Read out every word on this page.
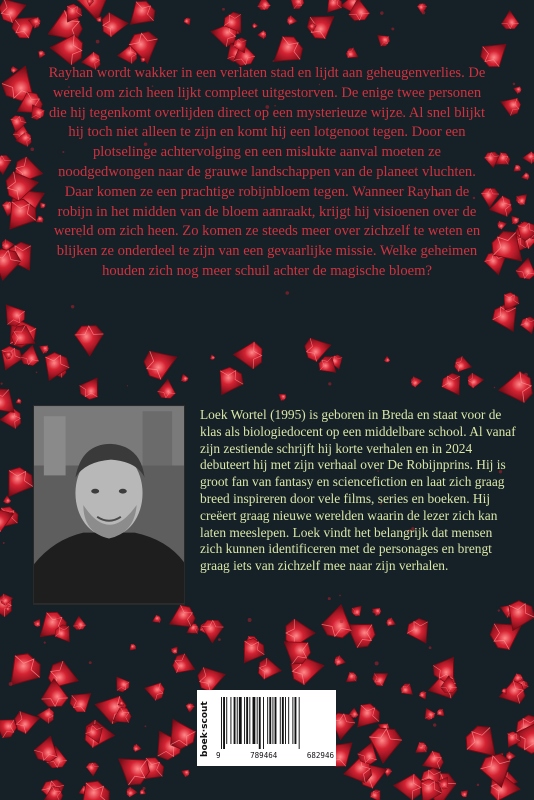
Rayhan wordt wakker in een verlaten stad en lijdt aan geheugenverlies. De wereld om zich heen lijkt compleet uitgestorven. De enige twee personen die hij tegenkomt overlijden direct op een mysterieuze wijze. Al snel blijkt hij toch niet alleen te zijn en komt hij een lotgenoot tegen. Door een plotselinge achtervolging en een mislukte aanval moeten ze noodgedwongen naar de grauwe landschappen van de planeet vluchten. Daar komen ze een prachtige robijnbloem tegen. Wanneer Rayhan de robijn in het midden van de bloem aanraakt, krijgt hij visioenen over de wereld om zich heen. Zo komen ze steeds meer over zichzelf te weten en blijken ze onderdeel te zijn van een gevaarlijke missie. Welke geheimen houden zich nog meer schuil achter de magische bloem?
Loek Wortel (1995) is geboren in Breda en staat voor de klas als biologiedocent op een middelbare school. Al vanaf zijn zestiende schrijft hij korte verhalen en in 2024 debuteert hij met zijn verhaal over De Robijnprins. Hij is groot fan van fantasy en sciencefiction en laat zich graag breed inspireren door vele films, series en boeken. Hij creëert graag nieuwe werelden waarin de lezer zich kan laten meeslepen. Loek vindt het belangrijk dat mensen zich kunnen identificeren met de personages en brengt graag iets van zichzelf mee naar zijn verhalen.
boek·scout 9	789464	682946
